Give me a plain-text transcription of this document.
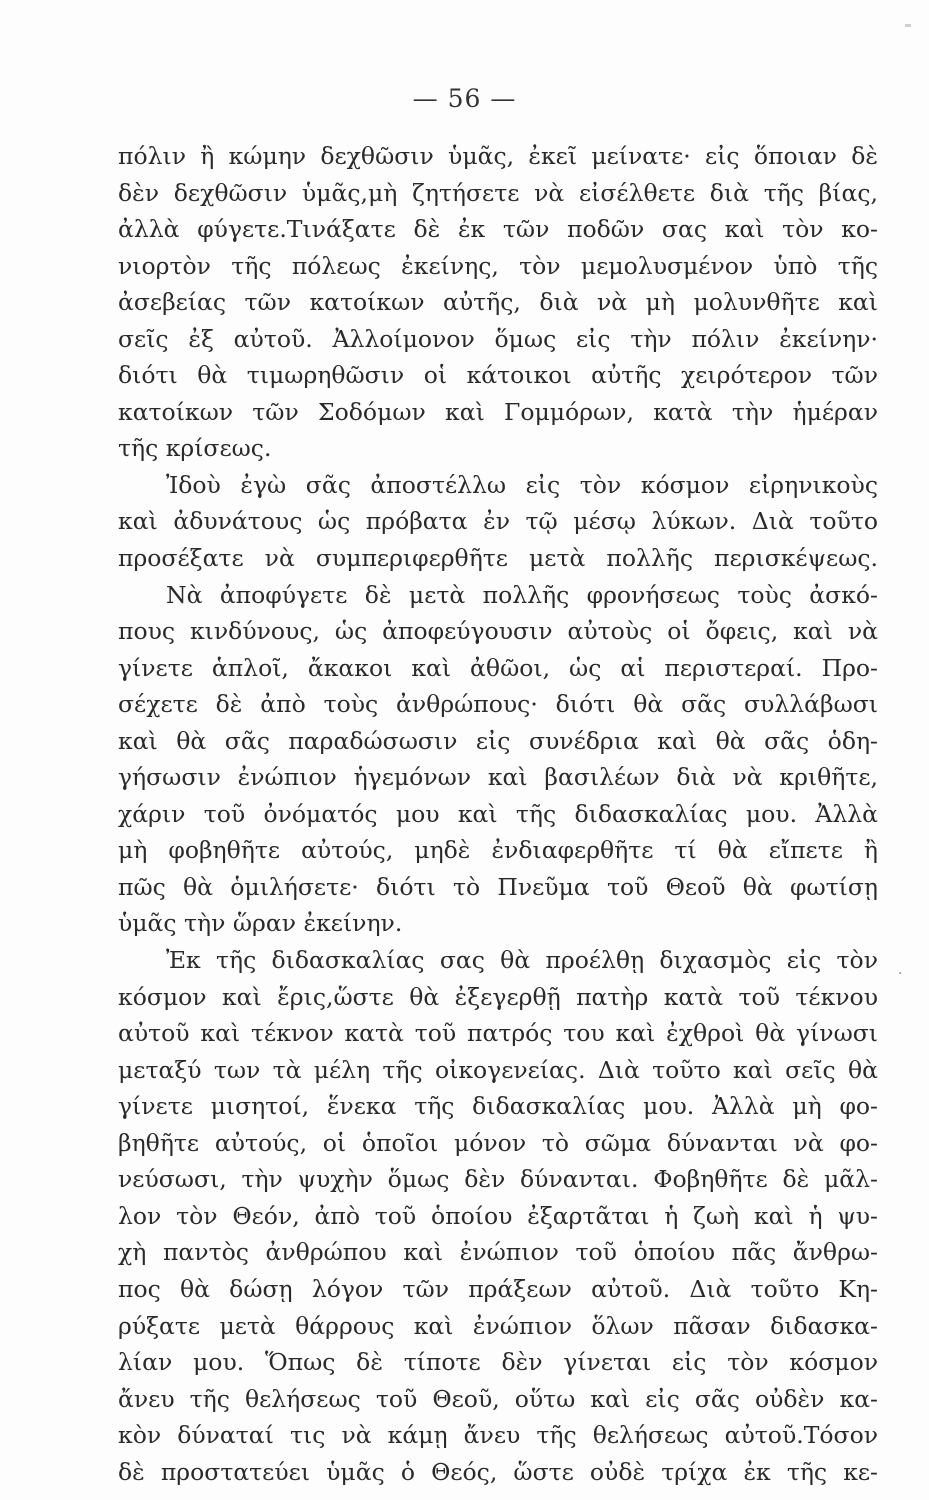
— 56 —
πόλιν ἢ κώμην δεχθῶσιν ὑμᾶς, ἐκεῖ μείνατε· εἰς ὅποιαν δὲ
δὲν δεχθῶσιν ὑμᾶς,μὴ ζητήσετε νὰ εἰσέλθετε διὰ τῆς βίας,
ἀλλὰ φύγετε.Τινάξατε δὲ ἐκ τῶν ποδῶν σας καὶ τὸν κο-
νιορτὸν τῆς πόλεως ἐκείνης, τὸν μεμολυσμένον ὑπὸ τῆς
ἀσεβείας τῶν κατοίκων αὐτῆς, διὰ νὰ μὴ μολυνθῆτε καὶ
σεῖς ἐξ αὐτοῦ. Ἀλλοίμονον ὅμως εἰς τὴν πόλιν ἐκείνην·
διότι θὰ τιμωρηθῶσιν οἱ κάτοικοι αὐτῆς χειρότερον τῶν
κατοίκων τῶν Σοδόμων καὶ Γομμόρων, κατὰ τὴν ἡμέραν
τῆς κρίσεως.
Ἰδοὺ ἐγὼ σᾶς ἀποστέλλω εἰς τὸν κόσμον εἰρηνικοὺς
καὶ ἀδυνάτους ὡς πρόβατα ἐν τῷ μέσῳ λύκων. Διὰ τοῦτο
προσέξατε νὰ συμπεριφερθῆτε μετὰ πολλῆς περισκέψεως.
Νὰ ἀποφύγετε δὲ μετὰ πολλῆς φρονήσεως τοὺς ἀσκό-
πους κινδύνους, ὡς ἀποφεύγουσιν αὐτοὺς οἱ ὄφεις, καὶ νὰ
γίνετε ἁπλοῖ, ἄκακοι καὶ ἀθῶοι, ὡς αἱ περιστεραί. Προ-
σέχετε δὲ ἀπὸ τοὺς ἀνθρώπους· διότι θὰ σᾶς συλλάβωσι
καὶ θὰ σᾶς παραδώσωσιν εἰς συνέδρια καὶ θὰ σᾶς ὁδη-
γήσωσιν ἐνώπιον ἡγεμόνων καὶ βασιλέων διὰ νὰ κριθῆτε,
χάριν τοῦ ὀνόματός μου καὶ τῆς διδασκαλίας μου. Ἀλλὰ
μὴ φοβηθῆτε αὐτούς, μηδὲ ἐνδιαφερθῆτε τί θὰ εἴπετε ἢ
πῶς θὰ ὁμιλήσετε· διότι τὸ Πνεῦμα τοῦ Θεοῦ θὰ φωτίσῃ
ὑμᾶς τὴν ὥραν ἐκείνην.
Ἐκ τῆς διδασκαλίας σας θὰ προέλθῃ διχασμὸς εἰς τὸν
κόσμον καὶ ἔρις,ὥστε θὰ ἐξεγερθῇ πατὴρ κατὰ τοῦ τέκνου
αὐτοῦ καὶ τέκνον κατὰ τοῦ πατρός του καὶ ἐχθροὶ θὰ γίνωσι
μεταξύ των τὰ μέλη τῆς οἰκογενείας. Διὰ τοῦτο καὶ σεῖς θὰ
γίνετε μισητοί, ἕνεκα τῆς διδασκαλίας μου. Ἀλλὰ μὴ φο-
βηθῆτε αὐτούς, οἱ ὁποῖοι μόνον τὸ σῶμα δύνανται νὰ φο-
νεύσωσι, τὴν ψυχὴν ὅμως δὲν δύνανται. Φοβηθῆτε δὲ μᾶλ-
λον τὸν Θεόν, ἀπὸ τοῦ ὁποίου ἐξαρτᾶται ἡ ζωὴ καὶ ἡ ψυ-
χὴ παντὸς ἀνθρώπου καὶ ἐνώπιον τοῦ ὁποίου πᾶς ἄνθρω-
πος θὰ δώσῃ λόγον τῶν πράξεων αὐτοῦ. Διὰ τοῦτο Κη-
ρύξατε μετὰ θάρρους καὶ ἐνώπιον ὅλων πᾶσαν διδασκα-
λίαν μου. Ὅπως δὲ τίποτε δὲν γίνεται εἰς τὸν κόσμον
ἄνευ τῆς θελήσεως τοῦ Θεοῦ, οὕτω καὶ εἰς σᾶς οὐδὲν κα-
κὸν δύναταί τις νὰ κάμῃ ἄνευ τῆς θελήσεως αὐτοῦ.Τόσον
δὲ προστατεύει ὑμᾶς ὁ Θεός, ὥστε οὐδὲ τρίχα ἐκ τῆς κε-
·
